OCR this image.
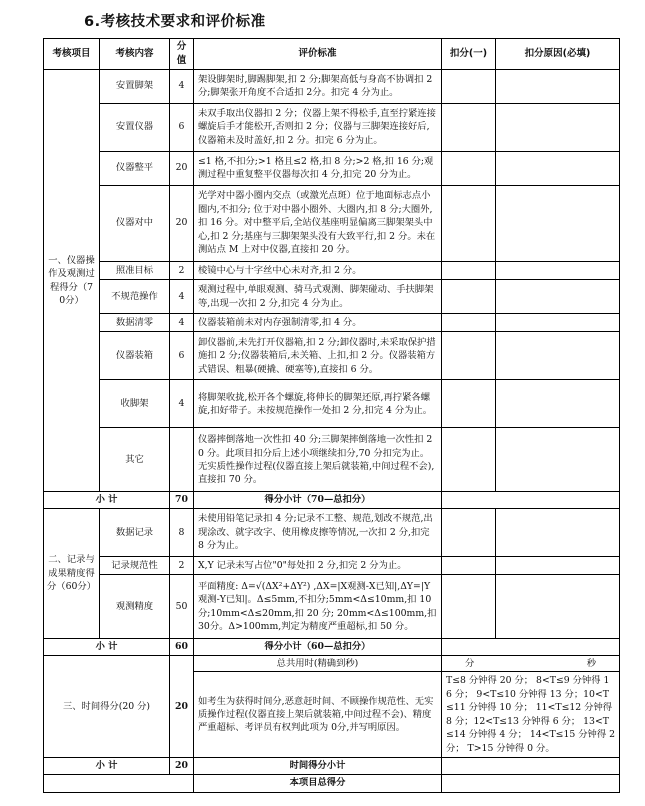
6.考核技术要求和评价标准
考核项目	考核内容	分值	评价标准	扣分(一)	扣分原因(必填)
一、仪器操作及观测过程得分（70分）	安置脚架	4	架设脚架时,脚踢脚架,扣 2 分;脚架高低与身高不协调扣 2分;脚架张开角度不合适扣 2分。扣完 4 分为止。		
	安置仪器	6	未双手取出仪器扣 2 分；仪器上架不得松手,直至拧紧连接螺旋后手才能松开,否则扣 2 分；仪器与三脚架连接好后,仪器箱未及时盖好,扣 2 分。扣完 6 分为止。		
	仪器整平	20	≤1 格,不扣分;>1 格且≤2 格,扣 8 分;>2 格,扣 16 分;观测过程中重复整平仪器每次扣 4 分,扣完 20 分为止。		
	仪器对中	20	光学对中器小圈内交点（或激光点斑）位于地面标志点小圈内,不扣分; 位于对中器小圈外、大圈内,扣 8 分;大圈外,扣 16 分。对中整平后,全站仪基座明显偏离三脚架架头中心,扣 2 分;基座与三脚架架头没有大致平行,扣 2 分。未在测站点 M 上对中仪器,直接扣 20 分。		
	照准目标	2	棱镜中心与十字丝中心未对齐,扣 2 分。		
	不规范操作	4	观测过程中,单眼观测、骑马式观测、脚架碰动、手扶脚架等,出现一次扣 2 分,扣完 4 分为止。		
	数据清零	4	仪器装箱前未对内存强制清零,扣 4 分。		
	仪器装箱	6	卸仪器前,未先打开仪器箱,扣 2 分;卸仪器时,未采取保护措施扣 2 分;仪器装箱后,未关箱、上扣,扣 2 分。仪器装箱方式错误、粗暴(硬撬、硬塞等),直接扣 6 分。		
	收脚架	4	将脚架收拢,松开各个螺旋,将伸长的脚架还原,再拧紧各螺旋,扣好带子。未按规范操作一处扣 2 分,扣完 4 分为止。		
	其它		仪器摔倒落地一次性扣 40 分;三脚架摔倒落地一次性扣 20 分。此项目扣分后上述小项继续扣分,70 分扣完为止。无实质性操作过程(仪器直接上架后就装箱,中间过程不会),直接扣 70 分。		
小 计		70	得分小计（70—总扣分）		
二、记录与成果精度得分（60分）	数据记录	8	未使用铅笔记录扣 4 分;记录不工整、规范,划改不规范,出现涂改、就字改字、使用橡皮擦等情况,一次扣 2 分,扣完 8 分为止。		
	记录规范性	2	X,Y 记录未写占位"0"每处扣 2 分,扣完 2 分为止。		
	观测精度	50	平面精度: Δ=√(ΔX²+ΔY²) ,ΔX=|X观测-X已知|,ΔY=|Y观测-Y已知|。Δ≤5mm,不扣分;5mm<Δ≤10mm,扣 10分;10mm<Δ≤20mm,扣 20 分; 20mm<Δ≤100mm,扣 30分。Δ>100mm,判定为精度严重超标,扣 50 分。		
小 计		60	得分小计（60—总扣分）		
三、时间得分(20 分)		20	总共用时(精确到秒)	分 秒	

			如考生为获得时间分,恶意赶时间、不顾操作规范性、无实质操作过程(仪器直接上架后就装箱,中间过程不会)、精度严重超标、考评员有权判此项为 0分,并写明原因。	T≤8 分钟得 20 分； 8<T≤9 分钟得 16 分； 9<T≤10 分钟得 13 分；10<T≤11 分钟得 10 分； 11<T≤12 分钟得 8 分；12<T≤13 分钟得 6 分； 13<T≤14 分钟得 4 分； 14<T≤15 分钟得 2 分； T>15 分钟得 0 分。	
小 计		20	时间得分小计		
			本项目总得分		
